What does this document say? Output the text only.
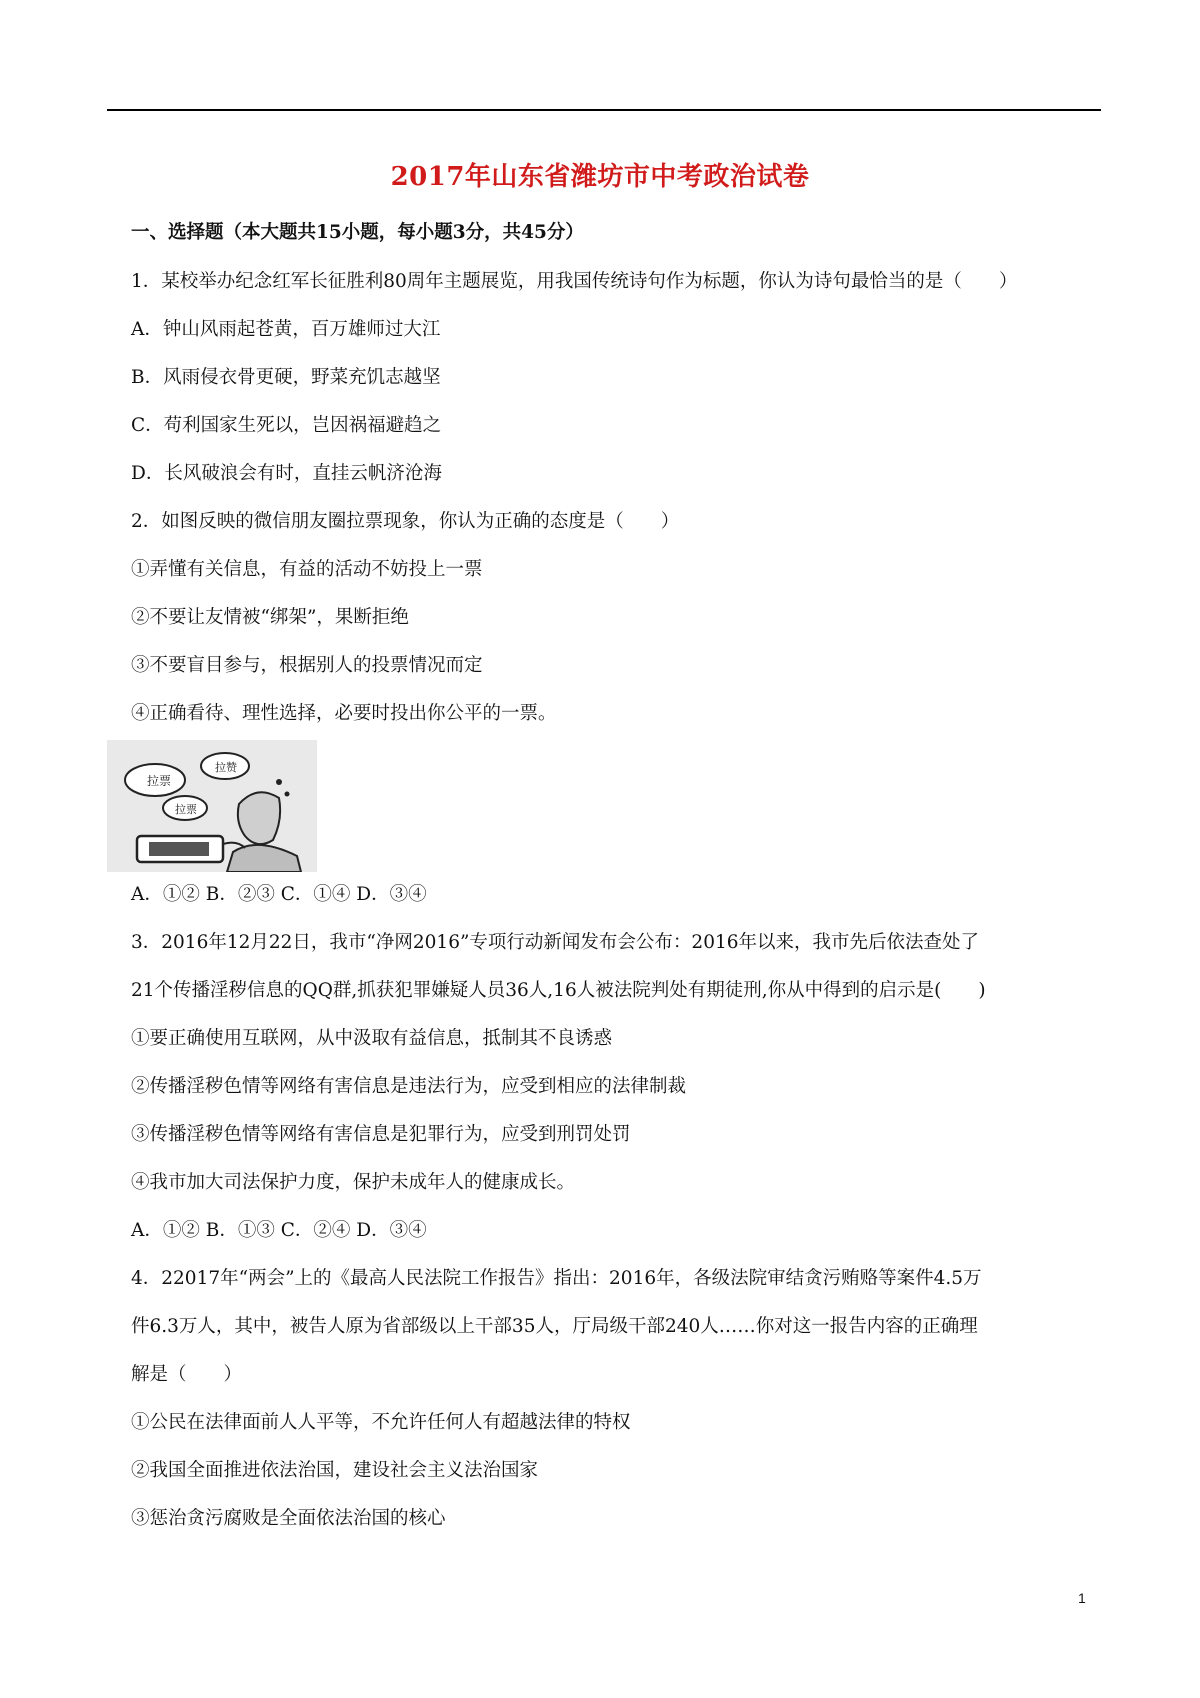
2017年山东省潍坊市中考政治试卷
一、选择题（本大题共15小题，每小题3分，共45分）
1．某校举办纪念红军长征胜利80周年主题展览，用我国传统诗句作为标题，你认为诗句最恰当的是（　　）
A．钟山风雨起苍黄，百万雄师过大江
B．风雨侵衣骨更硬，野菜充饥志越坚
C．苟利国家生死以，岂因祸福避趋之
D．长风破浪会有时，直挂云帆济沧海
2．如图反映的微信朋友圈拉票现象，你认为正确的态度是（　　）
①弄懂有关信息，有益的活动不妨投上一票
②不要让友情被“绑架”，果断拒绝
③不要盲目参与，根据别人的投票情况而定
④正确看待、理性选择，必要时投出你公平的一票。
拉票
拉赞
拉票
A．①② B．②③ C．①④ D．③④
3．2016年12月22日，我市“净网2016”专项行动新闻发布会公布：2016年以来，我市先后依法查处了
21个传播淫秽信息的QQ群,抓获犯罪嫌疑人员36人,16人被法院判处有期徒刑,你从中得到的启示是(　　)
①要正确使用互联网，从中汲取有益信息，抵制其不良诱惑
②传播淫秽色情等网络有害信息是违法行为，应受到相应的法律制裁
③传播淫秽色情等网络有害信息是犯罪行为，应受到刑罚处罚
④我市加大司法保护力度，保护未成年人的健康成长。
A．①② B．①③ C．②④ D．③④
4．22017年“两会”上的《最高人民法院工作报告》指出：2016年，各级法院审结贪污贿赂等案件4.5万
件6.3万人，其中，被告人原为省部级以上干部35人，厅局级干部240人……你对这一报告内容的正确理
解是（　　）
①公民在法律面前人人平等，不允许任何人有超越法律的特权
②我国全面推进依法治国，建设社会主义法治国家
③惩治贪污腐败是全面依法治国的核心
1
